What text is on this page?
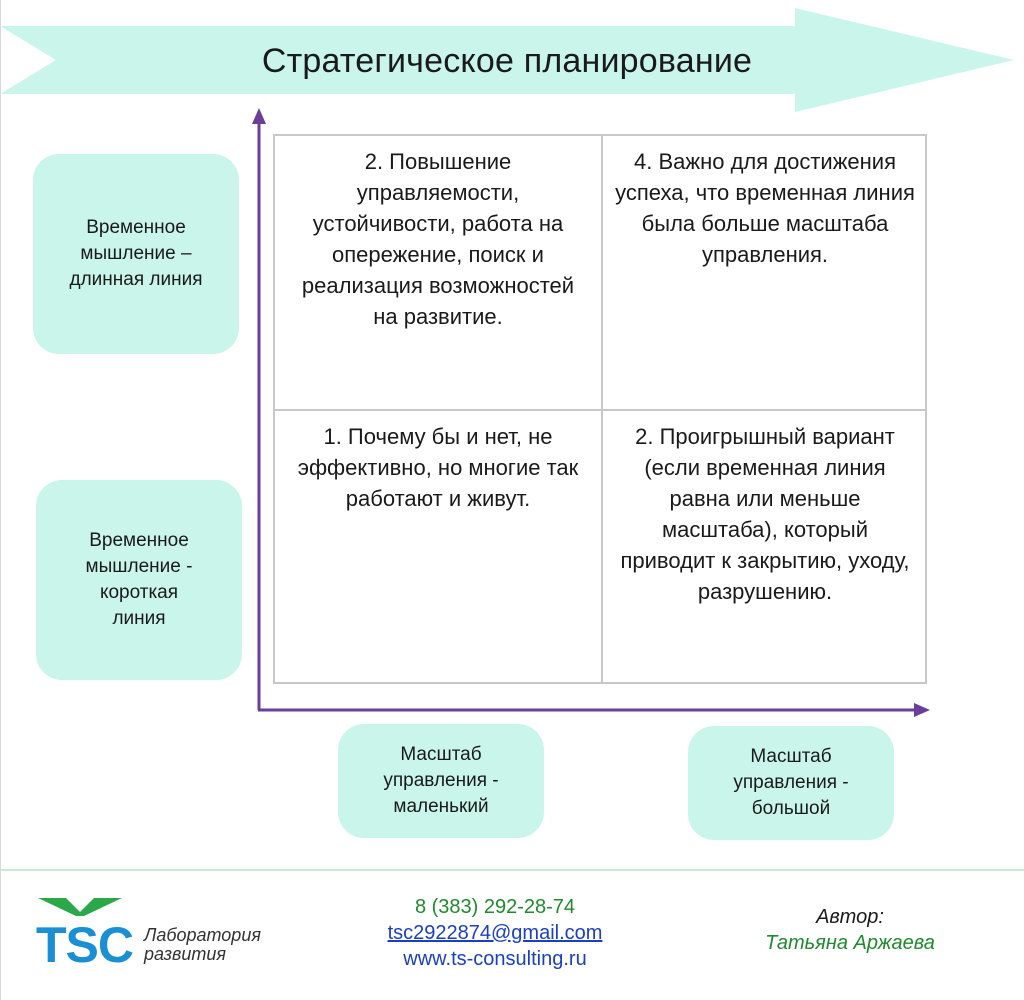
Стратегическое планирование
2. Повышение управляемости, устойчивости, работа на опережение, поиск и реализация возможностей на развитие.
4. Важно для достижения успеха, что временная линия была больше масштаба управления.
1. Почему бы и нет, не эффективно, но многие так работают и живут.
2. Проигрышный вариант (если временная линия равна или меньше масштаба), который приводит к закрытию, уходу, разрушению.
Временное
мышление –
длинная линия
Временное
мышление -
короткая
линия
Масштаб
управления -
маленький
Масштаб
управления -
большой
TSC Лаборатория
развития
8 (383) 292-28-74
tsc2922874@gmail.com
www.ts-consulting.ru
Автор:
Татьяна Аржаева
